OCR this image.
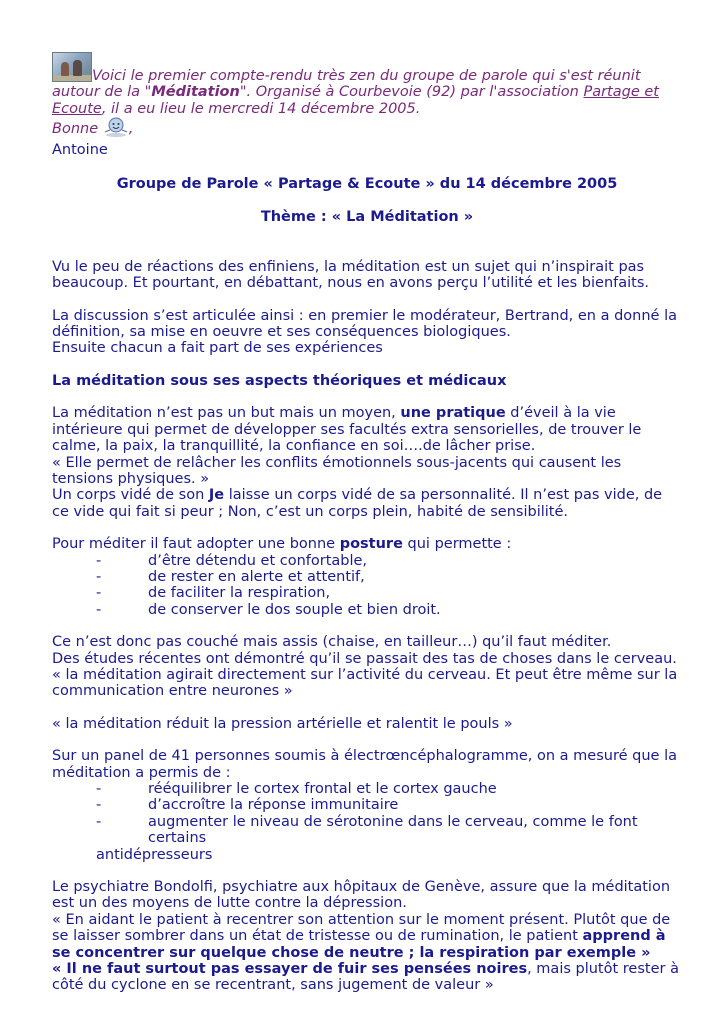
Voici le premier compte-rendu très zen du groupe de parole qui s'est réunit autour de la "Méditation". Organisé à Courbevoie (92) par l'association Partage et Ecoute, il a eu lieu le mercredi 14 décembre 2005.
Bonne ,
Antoine

Groupe de Parole « Partage & Ecoute » du 14 décembre 2005

Thème : « La Méditation »

Vu le peu de réactions des enfiniens, la méditation est un sujet qui n’inspirait pas beaucoup. Et pourtant, en débattant, nous en avons perçu l’utilité et les bienfaits.

La discussion s’est articulée ainsi : en premier le modérateur, Bertrand, en a donné la définition, sa mise en oeuvre et ses conséquences biologiques.

Ensuite chacun a fait part de ses expériences

La méditation sous ses aspects théoriques et médicaux

La méditation n’est pas un but mais un moyen, une pratique d’éveil à la vie intérieure qui permet de développer ses facultés extra sensorielles, de trouver le calme, la paix, la tranquillité, la confiance en soi….de lâcher prise.

« Elle permet de relâcher les conflits émotionnels sous-jacents qui causent les tensions physiques. »

Un corps vidé de son Je laisse un corps vidé de sa personnalité. Il n’est pas vide, de ce vide qui fait si peur ; Non, c’est un corps plein, habité de sensibilité.

Pour méditer il faut adopter une bonne posture qui permette :

-	d’être détendu et confortable,
-	de rester en alerte et attentif,
-	de faciliter la respiration,
-	de conserver le dos souple et bien droit.

Ce n’est donc pas couché mais assis (chaise, en tailleur…) qu’il faut méditer.

Des études récentes ont démontré qu’il se passait des tas de choses dans le cerveau.

« la méditation agirait directement sur l’activité du cerveau. Et peut être même sur la communication entre neurones »

« la méditation réduit la pression artérielle et ralentit le pouls »

Sur un panel de 41 personnes soumis à électrœncéphalogramme, on a mesuré que la méditation a permis de :

-	rééquilibrer le cortex frontal et le cortex gauche
-	d’accroître la réponse immunitaire
-	augmenter le niveau de sérotonine dans le cerveau, comme le font certains
antidépresseurs

Le psychiatre Bondolfi, psychiatre aux hôpitaux de Genève, assure que la méditation est un des moyens de lutte contre la dépression.

« En aidant le patient à recentrer son attention sur le moment présent. Plutôt que de se laisser sombrer dans un état de tristesse ou de rumination, le patient apprend à se concentrer sur quelque chose de neutre ; la respiration par exemple »

« Il ne faut surtout pas essayer de fuir ses pensées noires, mais plutôt rester à côté du cyclone en se recentrant, sans jugement de valeur »
